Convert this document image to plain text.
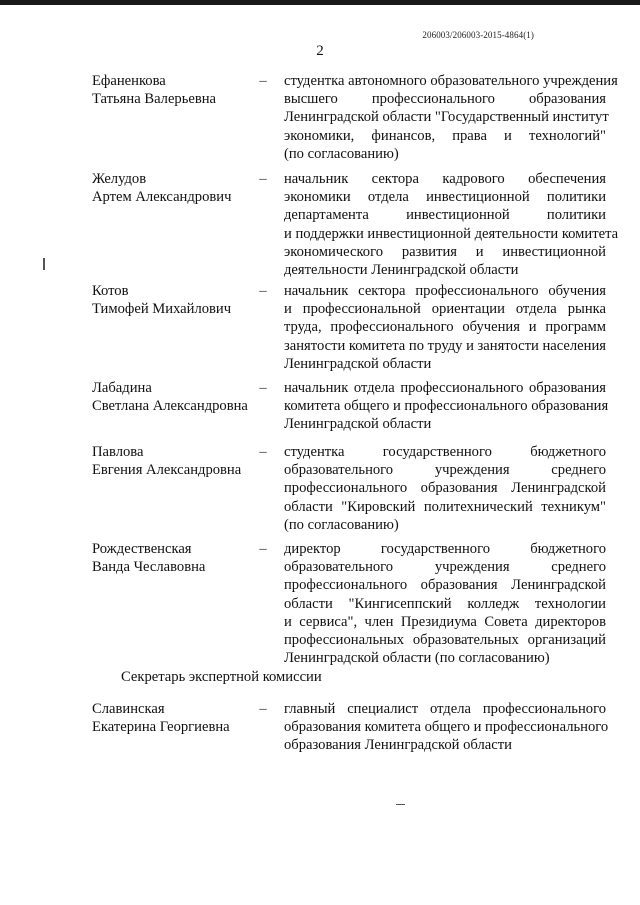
206003/206003-2015-4864(1)
2
Ефаненкова
Татьяна Валерьевна
– студентка автономного образовательного учреждения
высшего профессионального образования
Ленинградской области "Государственный институт
экономики, финансов, права и технологий"
(по согласованию)
Желудов
Артем Александрович
– начальник сектора кадрового обеспечения
экономики отдела инвестиционной политики
департамента инвестиционной политики
и поддержки инвестиционной деятельности комитета
экономического развития и инвестиционной
деятельности Ленинградской области
Котов
Тимофей Михайлович
– начальник сектора профессионального обучения
и профессиональной ориентации отдела рынка
труда, профессионального обучения и программ
занятости комитета по труду и занятости населения
Ленинградской области
Лабадина
Светлана Александровна
– начальник отдела профессионального образования
комитета общего и профессионального образования
Ленинградской области
Павлова
Евгения Александровна
– студентка государственного бюджетного
образовательного учреждения среднего
профессионального образования Ленинградской
области "Кировский политехнический техникум"
(по согласованию)
Рождественская
Ванда Чеславовна
– директор государственного бюджетного
образовательного учреждения среднего
профессионального образования Ленинградской
области "Кингисеппский колледж технологии
и сервиса", член Президиума Совета директоров
профессиональных образовательных организаций
Ленинградской области (по согласованию)
Секретарь экспертной комиссии
Славинская
Екатерина Георгиевна
– главный специалист отдела профессионального
образования комитета общего и профессионального
образования Ленинградской области
